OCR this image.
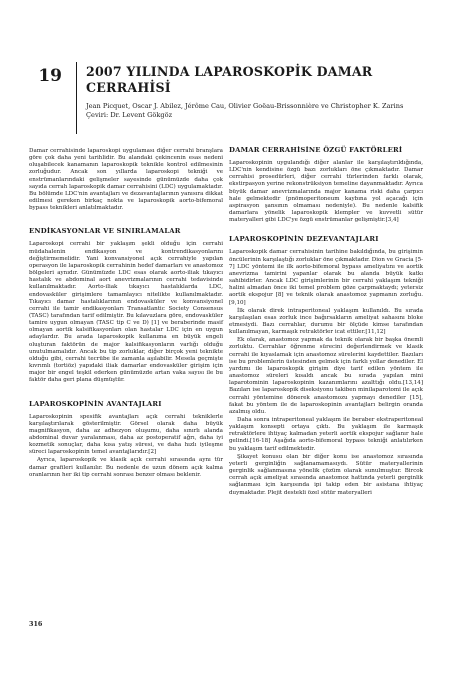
19 2007 YILINDA LAPAROSKOPİK DAMAR CERRAHİSİ
Jean Picquet, Oscar J. Abilez, Jérôme Cau, Olivier Goëau-Brissonnière ve Christopher K. Zarins
Çeviri: Dr. Levent Gökgöz

Damar cerrahisinde laparoskopi uygulaması diğer cerrahi branşlara göre çok daha yeni tarihlidir. Bu alandaki çekincenin esas nedeni oluşabilecek kanamanın laparoskopik teknikle kontrol edilmesinin zorluğudur. Ancak son yıllarda laparoskopi tekniği ve enstrümanlarındaki gelişmeler sayesinde günümüzde daha çok sayıda cerrah laparoskopik damar cerrahisini (LDC) uygulamaktadır. Bu bölümde LDC'nin avantajları ve dezavantajlarının yanısıra dikkat edilmesi gereken birkaç nokta ve laparoskopik aorto-bifemoral bypass teknikleri anlatılmaktadır.

ENDİKASYONLAR VE SINIRLAMALAR

Laparoskopi cerrahi bir yaklaşım şekli olduğu için cerrahi müdahalenin endikasyon ve kontrendikasyonlarını değiştirmemelidir. Yani konvansiyonel açık cerrahiyle yapılan operasyon ile laparoskopik cerrahinin hedef damarları ve anastomoz bölgeleri aynıdır. Günümüzde LDC esas olarak aorto-iliak tıkayıcı hastalık ve abdominal aort anevrizmalarının cerrahi tedavisinde kullanılmaktadır. Aorto-iliak tıkayıcı hastalıklarda LDC, endovasküler girişimlere tamamlayıcı nitelikte kullanılmaktadır. Tıkayıcı damar hastalıklarının endovasküler ve konvansiyonel cerrahi ile tamir endikasyonları Transatlantic Society Consensus (TASC) tarafından tarif edilmiştir. Bu kılavuzlara göre, endovasküler tamire uygun olmayan (TASC tip C ve D) [1] ve beraberinde masif olmayan aortik kalsifikasyonları olan hastalar LDC için en uygun adaylardır. Bu arada laparoskopik kullanıma en büyük engeli oluşturan faktörün de major kalsifikasyonların varlığı olduğu unutulmamalıdır. Ancak bu tip zorluklar, diğer birçok yeni teknikte olduğu gibi, cerrahi tecrübe ile zamanla aşılabilir. Mesela geçmişte kıvrımlı (tortiöz) yapıdaki iliak damarlar endovasküler girişim için major bir engel teşkil ederken günümüzde artan vaka sayısı ile bu faktör daha geri plana düşmüştür.

LAPAROSKOPİNİN AVANTAJLARI

Laparoskopinin spesifik avantajları açık cerrahi tekniklerle karşılaştırılarak gösterilmiştir. Görsel olarak daha büyük magnifikasyon, daha az adhezyon oluşumu, daha sınırlı alanda abdominal duvar yaralanması, daha az postoperatif ağrı, daha iyi kozmetik sonuçlar, daha kısa yatış süresi, ve daha hızlı iyileşme süreci laparoskopinin temel avantajlarıdır.[2]

Ayrıca, laparoskopik ve klasik açık cerrahi sırasında aynı tür damar grafileri kullanılır. Bu nedenle de uzun dönem açık kalma oranlarının her iki tip cerrahi sonrası benzer olması beklenir.

DAMAR CERRAHİSİNE ÖZGÜ FAKTÖRLERİ

Laparoskopinin uygulandığı diğer alanlar ile karşılaştırıldığında, LDC'nin kendisine özgü bazı zorlukları öne çıkmaktadır. Damar cerrahisi prosedürleri, diğer cerrahi türlerinden farklı olarak, ekstirpasyon yerine rekonstrüksiyon temeline dayanmaktadır. Ayrıca büyük damar anevrizmalarında major kanama riski daha çarpıcı hale gelmektedir (pnömoperitoneum kaybına yol açacağı için aspirasyon şansının olmaması nedeniyle). Bu nedenle kalsifik damarlara yönelik laparoskopik klempler ve kuvvetli sütür materyalleri gibi LDC'ye özgü enstrümanlar gelişmiştir.[3,4]

LAPAROSKOPİNİN DEZEVANTAJLARI

Laparoskopik damar cerrahisinin tarihine bakıldığında, bu girişimin öncülerinin karşılaştığı zorluklar öne çıkmaktadır. Dion ve Gracia [5-7] LDC yöntemi ile ilk aorto-bifemoral bypass ameliyatını ve aortik anevrizma tamirini yapanlar olarak bu alanda büyük katkı sahibidirler. Ancak LDC girişimlerinin bir cerrahi yaklaşım tekniği halini almadan önce iki temel problem göze çarpmaktaydı; yetersiz aortik ekspojur [8] ve teknik olarak anastomoz yapmanın zorluğu.[9,10]

İlk olarak direk intraperitoneal yaklaşım kullanıldı. Bu sırada karşılaşılan esas zorluk ince bağırsakların ameliyat sahasını bloke etmesiydi. Bazı cerrahlar, durumu bir ölçüde kimse tarafından kullanılmayan, karmaşık retraktörler icat ettiler.[11,12]

Ek olarak, anastomoz yapmak da teknik olarak bir başka önemli zorluktu. Cerrahlar öğrenme sürecini değerlendirmek ve klasik cerrahi ile kıyaslamak için anastomoz sürelerini kaydettiler. Bazıları ise bu problemlerin üstesinden gelmek için farklı yollar denediler. El yardımı ile laparoskopik girişim diye tarif edilen yöntem ile anastomoz süreleri kısaldı ancak bu sırada yapılan mini laparotominin laparoskopinin kazanımlarını azalttığı oldu.[13,14] Bazıları ise laparoskopik diseksiyonu takiben minilaparotomi ile açık cerrahi yöntemine dönerek anastomozu yapmayı denediler [15], fakat bu yöntem ile de laparoskopinin avantajları belirgin oranda azalmış oldu.

Daha sonra intraperitoneal yaklaşım ile beraber ekstraperitoneal yaklaşım konsepti ortaya çıktı. Bu yaklaşım ile karmaşık retraktörlere ihtiyaç kalmadan yeterli aortik ekspojur sağlanır hale gelindi.[16-18] Aşağıda aorto-bifemoral bypass tekniği anlatılırken bu yaklaşım tarif edilmektedir.

Şikayet konusu olan bir diğer konu ise anastomoz sırasında yeterli gerginliğin sağlanamamasıydı. Sütür materyallerinin gerginlik sağlanmasına yönelik çözüm olarak sunulmuştur. Bircok cerrah açık ameliyat sırasında anastomoz hattında yeterli gerginlik sağlanması için karşısında ipi takip eden bir asistana ihtiyaç duymaktadır. Plejit destekli özel sütür materyalleri

316
